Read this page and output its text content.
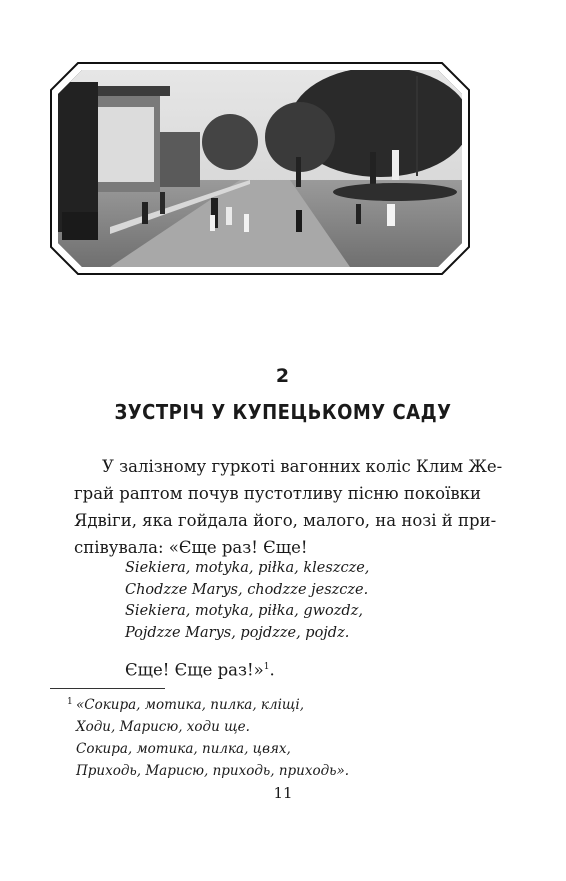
2
ЗУСТРІЧ У КУПЕЦЬКОМУ САДУ
У залізному гуркоті вагонних коліс Клим Же-
грай раптом почув пустотливу пісню покоївки
Ядвіги, яка гойдала його, малого, на нозі й при-
співувала: «Єще раз! Єще!
Siekiera, motyka, piłka, kleszcze,
Chodzze Marys, chodzze jeszcze.
Siekiera, motyka, piłka, gwozdz,
Pojdzze Marys, pojdzze, pojdz.
Єще! Єще раз!»$^1$.
1 «Сокира, мотика, пилка, кліщі,
Ходи, Марисю, ходи ще.
Сокира, мотика, пилка, цвях,
Приходь, Марисю, приходь, приходь».
11
